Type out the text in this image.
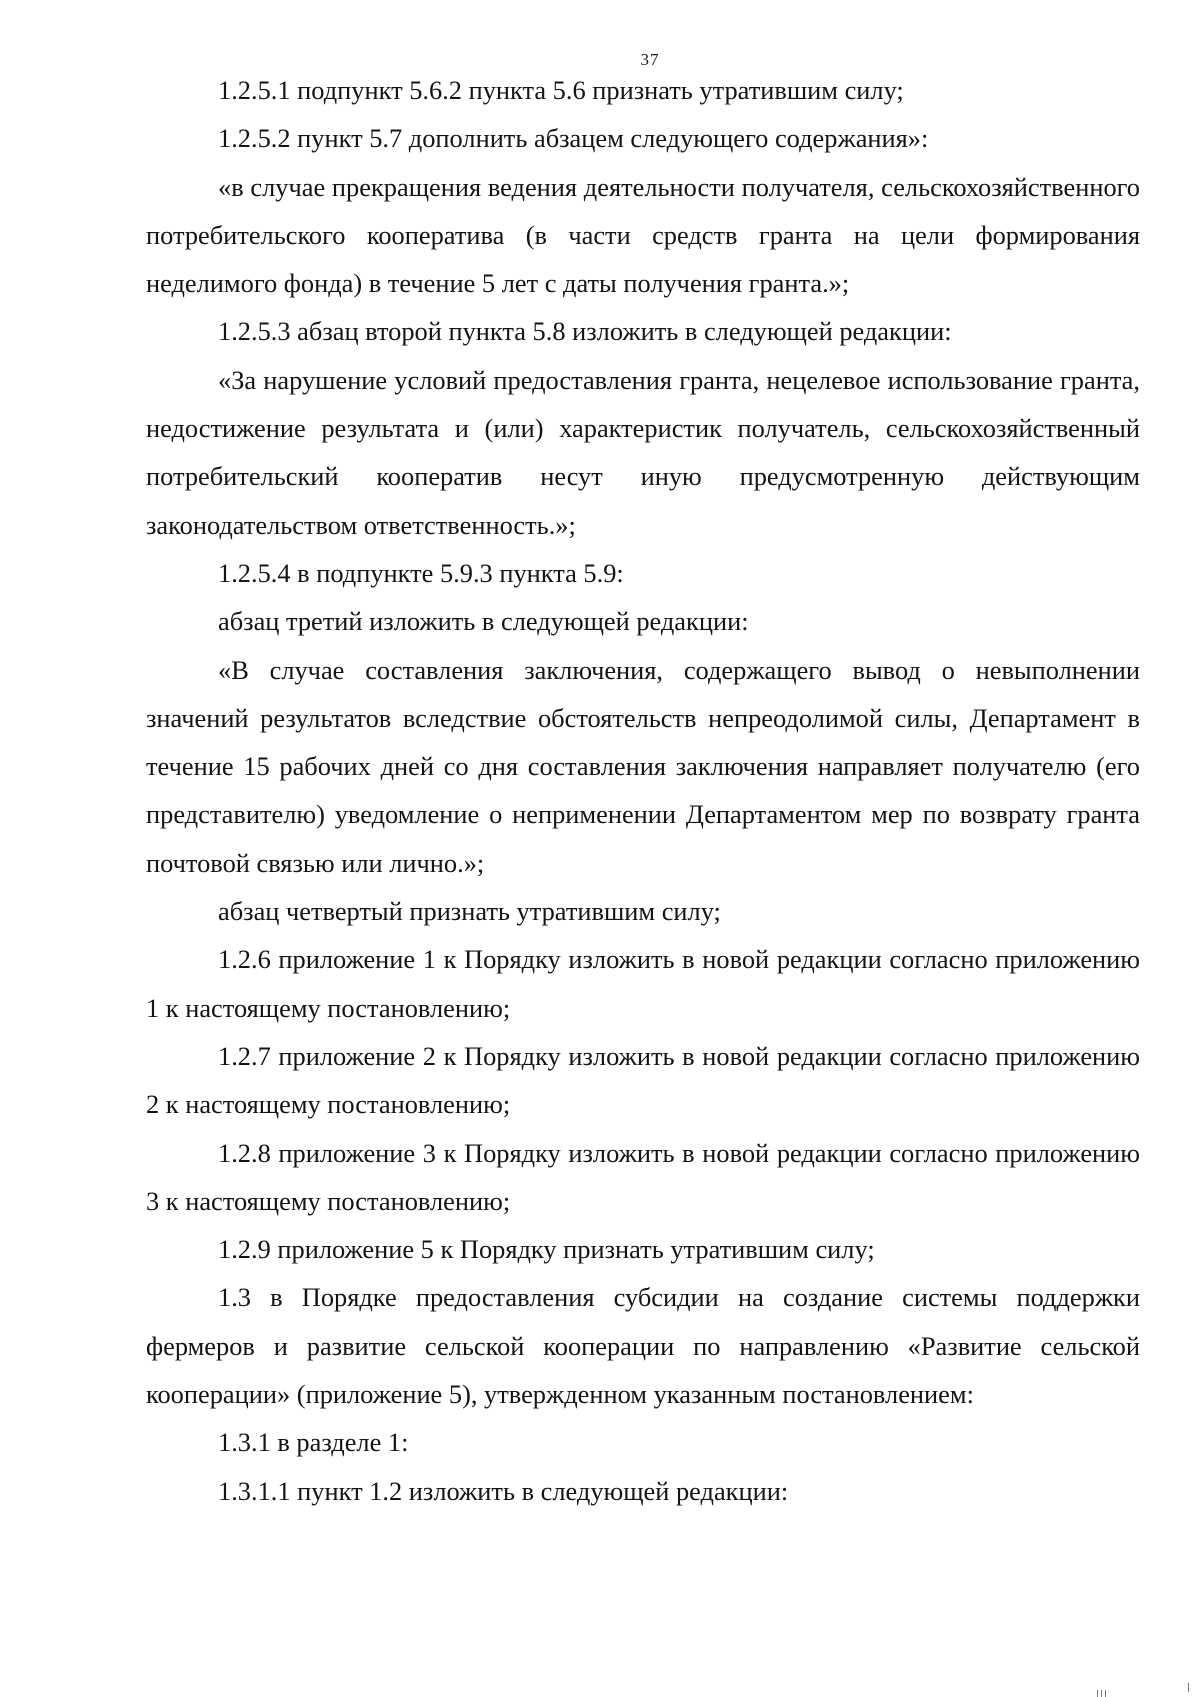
37

1.2.5.1 подпункт 5.6.2 пункта 5.6 признать утратившим силу;

1.2.5.2 пункт 5.7 дополнить абзацем следующего содержания»:

«в случае прекращения ведения деятельности получателя, сельскохозяйственного потребительского кооператива (в части средств гранта на цели формирования неделимого фонда) в течение 5 лет с даты получения гранта.»;

1.2.5.3 абзац второй пункта 5.8 изложить в следующей редакции:

«За нарушение условий предоставления гранта, нецелевое использование гранта, недостижение результата и (или) характеристик получатель, сельскохозяйственный потребительский кооператив несут иную предусмотренную действующим законодательством ответственность.»;

1.2.5.4 в подпункте 5.9.3 пункта 5.9:

абзац третий изложить в следующей редакции:

«В случае составления заключения, содержащего вывод о невыполнении значений результатов вследствие обстоятельств непреодолимой силы, Департамент в течение 15 рабочих дней со дня составления заключения направляет получателю (его представителю) уведомление о неприменении Департаментом мер по возврату гранта почтовой связью или лично.»;

абзац четвертый признать утратившим силу;

1.2.6 приложение 1 к Порядку изложить в новой редакции согласно приложению 1 к настоящему постановлению;

1.2.7 приложение 2 к Порядку изложить в новой редакции согласно приложению 2 к настоящему постановлению;

1.2.8 приложение 3 к Порядку изложить в новой редакции согласно приложению 3 к настоящему постановлению;

1.2.9 приложение 5 к Порядку признать утратившим силу;

1.3 в Порядке предоставления субсидии на создание системы поддержки фермеров и развитие сельской кооперации по направлению «Развитие сельской кооперации» (приложение 5), утвержденном указанным постановлением:

1.3.1 в разделе 1:

1.3.1.1 пункт 1.2 изложить в следующей редакции:
